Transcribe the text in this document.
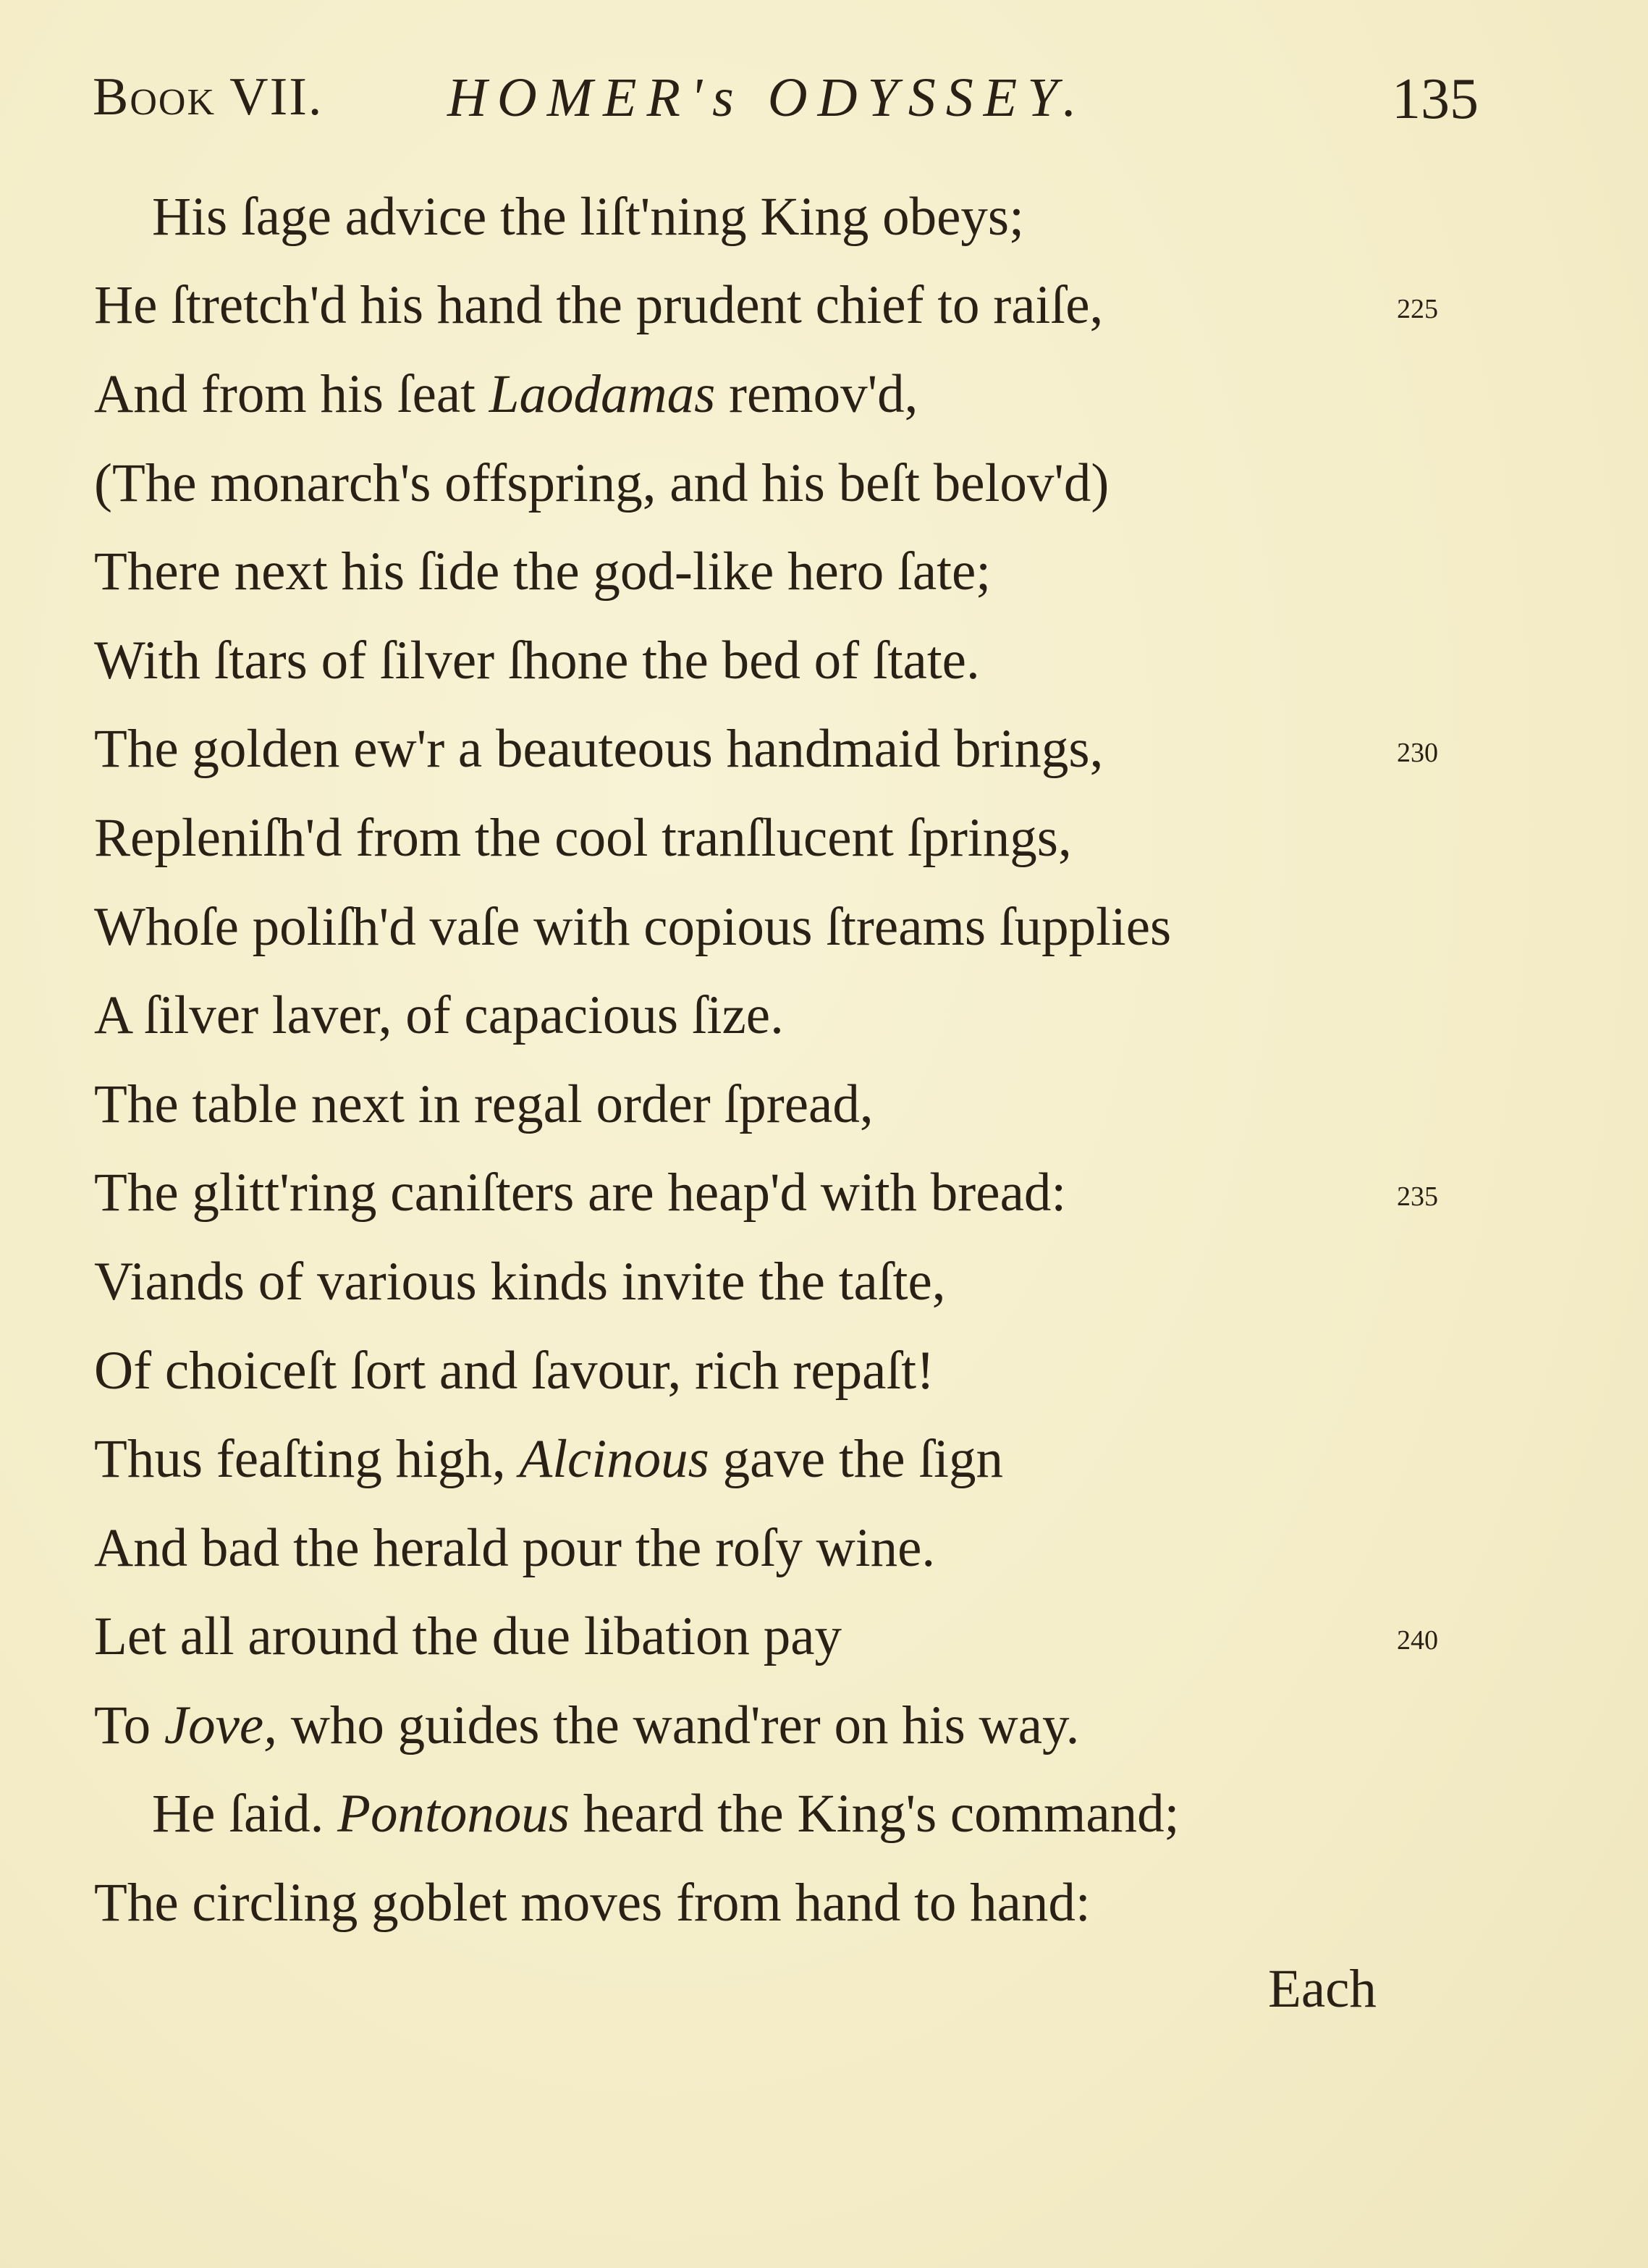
Book VII. HOMER's ODYSSEY.	135
His ſage advice the liſt'ning King obeys;
He ſtretch'd his hand the prudent chief to raiſe,
And from his ſeat Laodamas remov'd,
(The monarch's offspring, and his beſt belov'd)
There next his ſide the god-like hero ſate;
With ſtars of ſilver ſhone the bed of ſtate.
The golden ew'r a beauteous handmaid brings,
Repleniſh'd from the cool tranſlucent ſprings,
Whoſe poliſh'd vaſe with copious ſtreams ſupplies
A ſilver laver, of capacious ſize.
The table next in regal order ſpread,
The glitt'ring caniſters are heap'd with bread:
Viands of various kinds invite the taſte,
Of choiceſt ſort and ſavour, rich repaſt!
Thus feaſting high, Alcinous gave the ſign
And bad the herald pour the roſy wine.
Let all around the due libation pay
To Jove, who guides the wand'rer on his way.
He ſaid. Pontonous heard the King's command;
The circling goblet moves from hand to hand:
225
230
235
240
Each
